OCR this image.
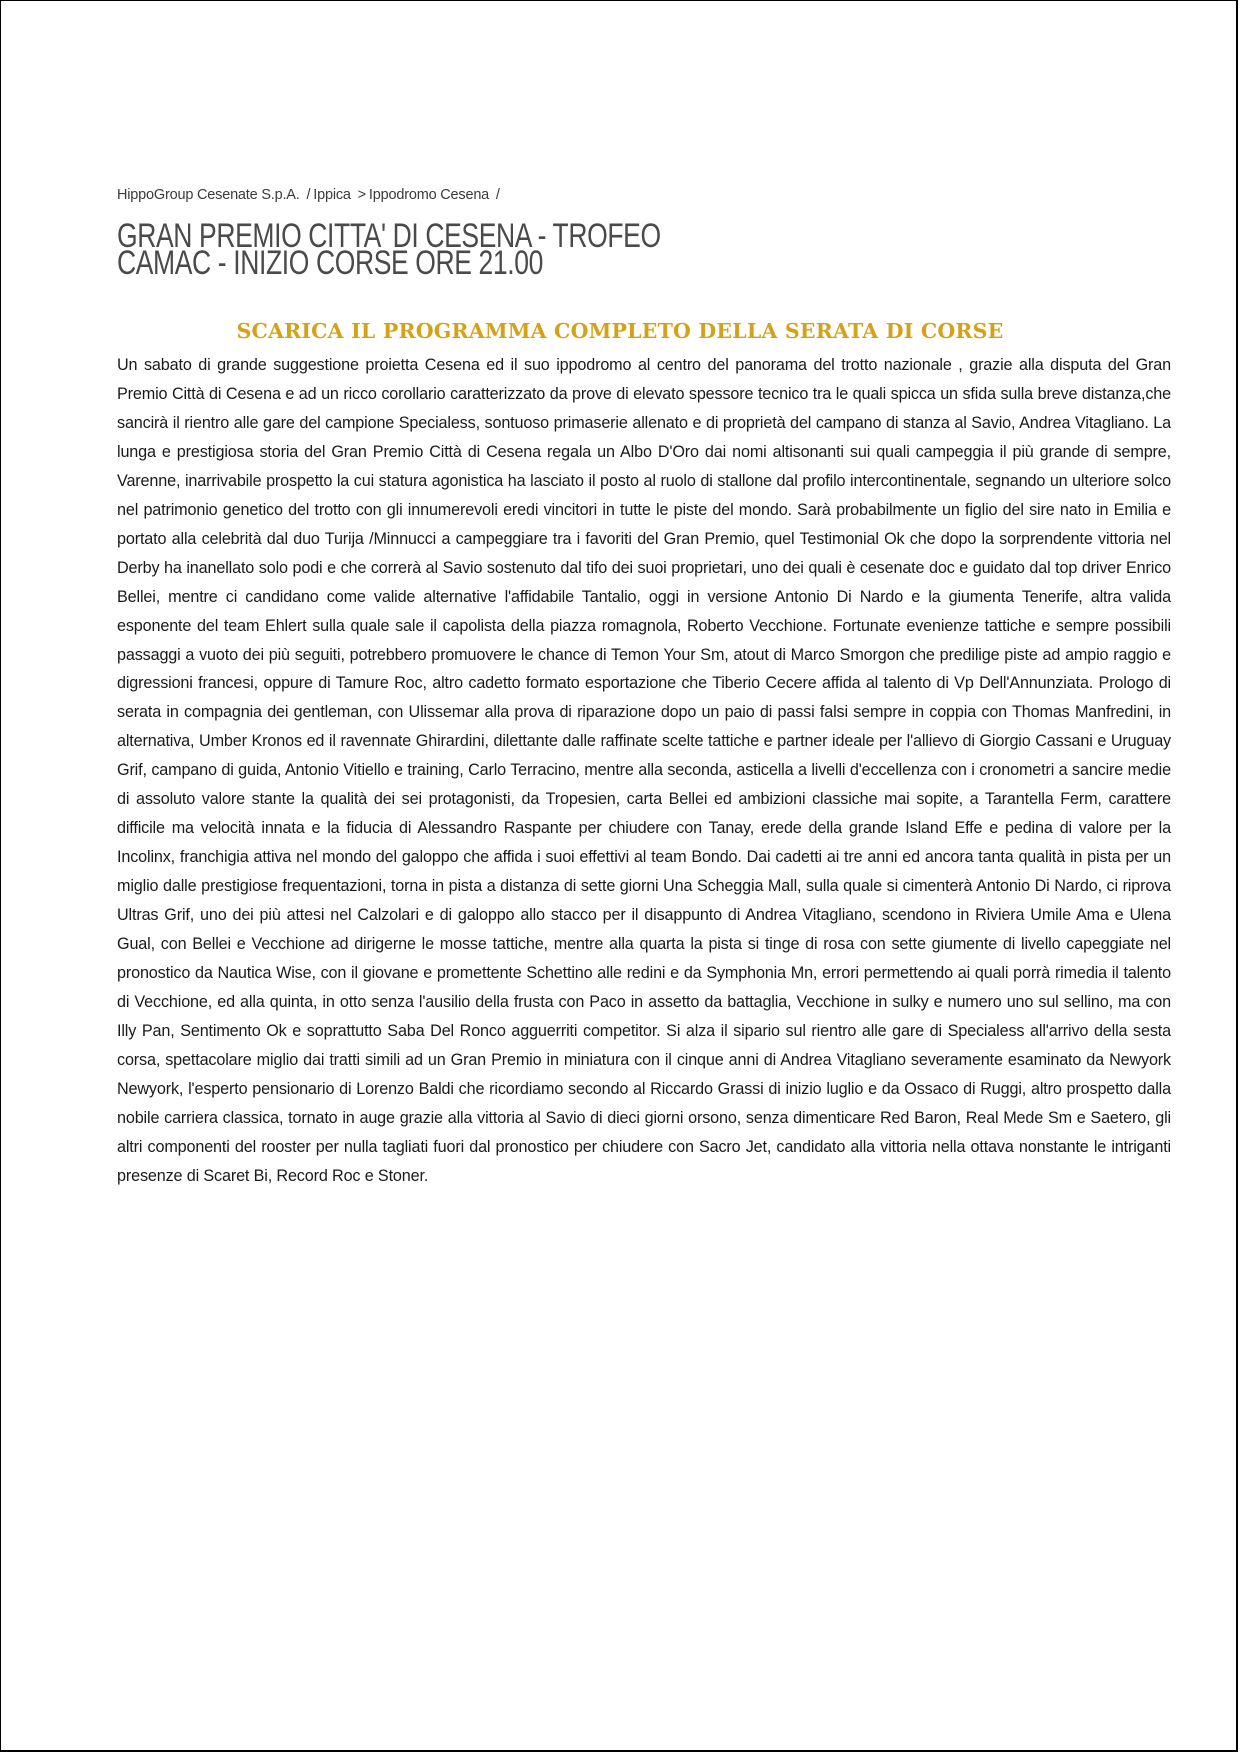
HippoGroup Cesenate S.p.A. / Ippica > Ippodromo Cesena /
GRAN PREMIO CITTA' DI CESENA - TROFEO CAMAC - INIZIO CORSE ORE 21.00
SCARICA IL PROGRAMMA COMPLETO DELLA SERATA DI CORSE

Un sabato di grande suggestione proietta Cesena ed il suo ippodromo al centro del panorama del trotto nazionale , grazie alla disputa del Gran Premio Città di Cesena e ad un ricco corollario caratterizzato da prove di elevato spessore tecnico tra le quali spicca un sfida sulla breve distanza,che sancirà il rientro alle gare del campione Specialess, sontuoso primaserie allenato e di proprietà del campano di stanza al Savio, Andrea Vitagliano. La lunga e prestigiosa storia del Gran Premio Città di Cesena regala un Albo D'Oro dai nomi altisonanti sui quali campeggia il più grande di sempre, Varenne, inarrivabile prospetto la cui statura agonistica ha lasciato il posto al ruolo di stallone dal profilo intercontinentale, segnando un ulteriore solco nel patrimonio genetico del trotto con gli innumerevoli eredi vincitori in tutte le piste del mondo. Sarà probabilmente un figlio del sire nato in Emilia e portato alla celebrità dal duo Turija /Minnucci a campeggiare tra i favoriti del Gran Premio, quel Testimonial Ok che dopo la sorprendente vittoria nel Derby ha inanellato solo podi e che correrà al Savio sostenuto dal tifo dei suoi proprietari, uno dei quali è cesenate doc e guidato dal top driver Enrico Bellei, mentre ci candidano come valide alternative l'affidabile Tantalio, oggi in versione Antonio Di Nardo e la giumenta Tenerife, altra valida esponente del team Ehlert sulla quale sale il capolista della piazza romagnola, Roberto Vecchione. Fortunate evenienze tattiche e sempre possibili passaggi a vuoto dei più seguiti, potrebbero promuovere le chance di Temon Your Sm, atout di Marco Smorgon che predilige piste ad ampio raggio e digressioni francesi, oppure di Tamure Roc, altro cadetto formato esportazione che Tiberio Cecere affida al talento di Vp Dell'Annunziata. Prologo di serata in compagnia dei gentleman, con Ulissemar alla prova di riparazione dopo un paio di passi falsi sempre in coppia con Thomas Manfredini, in alternativa, Umber Kronos ed il ravennate Ghirardini, dilettante dalle raffinate scelte tattiche e partner ideale per l'allievo di Giorgio Cassani e Uruguay Grif, campano di guida, Antonio Vitiello e training, Carlo Terracino, mentre alla seconda, asticella a livelli d'eccellenza con i cronometri a sancire medie di assoluto valore stante la qualità dei sei protagonisti, da Tropesien, carta Bellei ed ambizioni classiche mai sopite, a Tarantella Ferm, carattere difficile ma velocità innata e la fiducia di Alessandro Raspante per chiudere con Tanay, erede della grande Island Effe e pedina di valore per la Incolinx, franchigia attiva nel mondo del galoppo che affida i suoi effettivi al team Bondo. Dai cadetti ai tre anni ed ancora tanta qualità in pista per un miglio dalle prestigiose frequentazioni, torna in pista a distanza di sette giorni Una Scheggia Mall, sulla quale si cimenterà Antonio Di Nardo, ci riprova Ultras Grif, uno dei più attesi nel Calzolari e di galoppo allo stacco per il disappunto di Andrea Vitagliano, scendono in Riviera Umile Ama e Ulena Gual, con Bellei e Vecchione ad dirigerne le mosse tattiche, mentre alla quarta la pista si tinge di rosa con sette giumente di livello capeggiate nel pronostico da Nautica Wise, con il giovane e promettente Schettino alle redini e da Symphonia Mn, errori permettendo ai quali porrà rimedia il talento di Vecchione, ed alla quinta, in otto senza l'ausilio della frusta con Paco in assetto da battaglia, Vecchione in sulky e numero uno sul sellino, ma con Illy Pan, Sentimento Ok e soprattutto Saba Del Ronco agguerriti competitor. Si alza il sipario sul rientro alle gare di Specialess all'arrivo della sesta corsa, spettacolare miglio dai tratti simili ad un Gran Premio in miniatura con il cinque anni di Andrea Vitagliano severamente esaminato da Newyork Newyork, l'esperto pensionario di Lorenzo Baldi che ricordiamo secondo al Riccardo Grassi di inizio luglio e da Ossaco di Ruggi, altro prospetto dalla nobile carriera classica, tornato in auge grazie alla vittoria al Savio di dieci giorni orsono, senza dimenticare Red Baron, Real Mede Sm e Saetero, gli altri componenti del rooster per nulla tagliati fuori dal pronostico per chiudere con Sacro Jet, candidato alla vittoria nella ottava nonstante le intriganti presenze di Scaret Bi, Record Roc e Stoner.
